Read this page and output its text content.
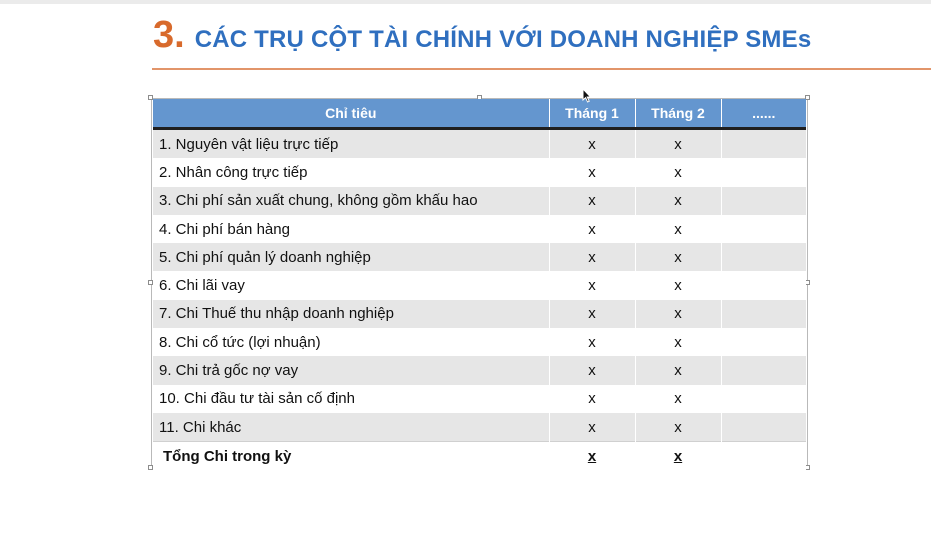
3. CÁC TRỤ CỘT TÀI CHÍNH VỚI DOANH NGHIỆP SMEs
Chỉ tiêu	Tháng 1	Tháng 2	......
1. Nguyên vật liệu trực tiếp	x	x	
2. Nhân công trực tiếp	x	x	
3. Chi phí sản xuất chung, không gồm khấu hao	x	x	
4. Chi phí bán hàng	x	x	
5. Chi phí quản lý doanh nghiệp	x	x	
6. Chi lãi vay	x	x	
7. Chi Thuế thu nhập doanh nghiệp	x	x	
8. Chi cổ tức (lợi nhuận)	x	x	
9. Chi trả gốc nợ vay	x	x	
10. Chi đầu tư tài sản cố định	x	x	
11. Chi khác	x	x	
Tổng Chi trong kỳ	x	x	
